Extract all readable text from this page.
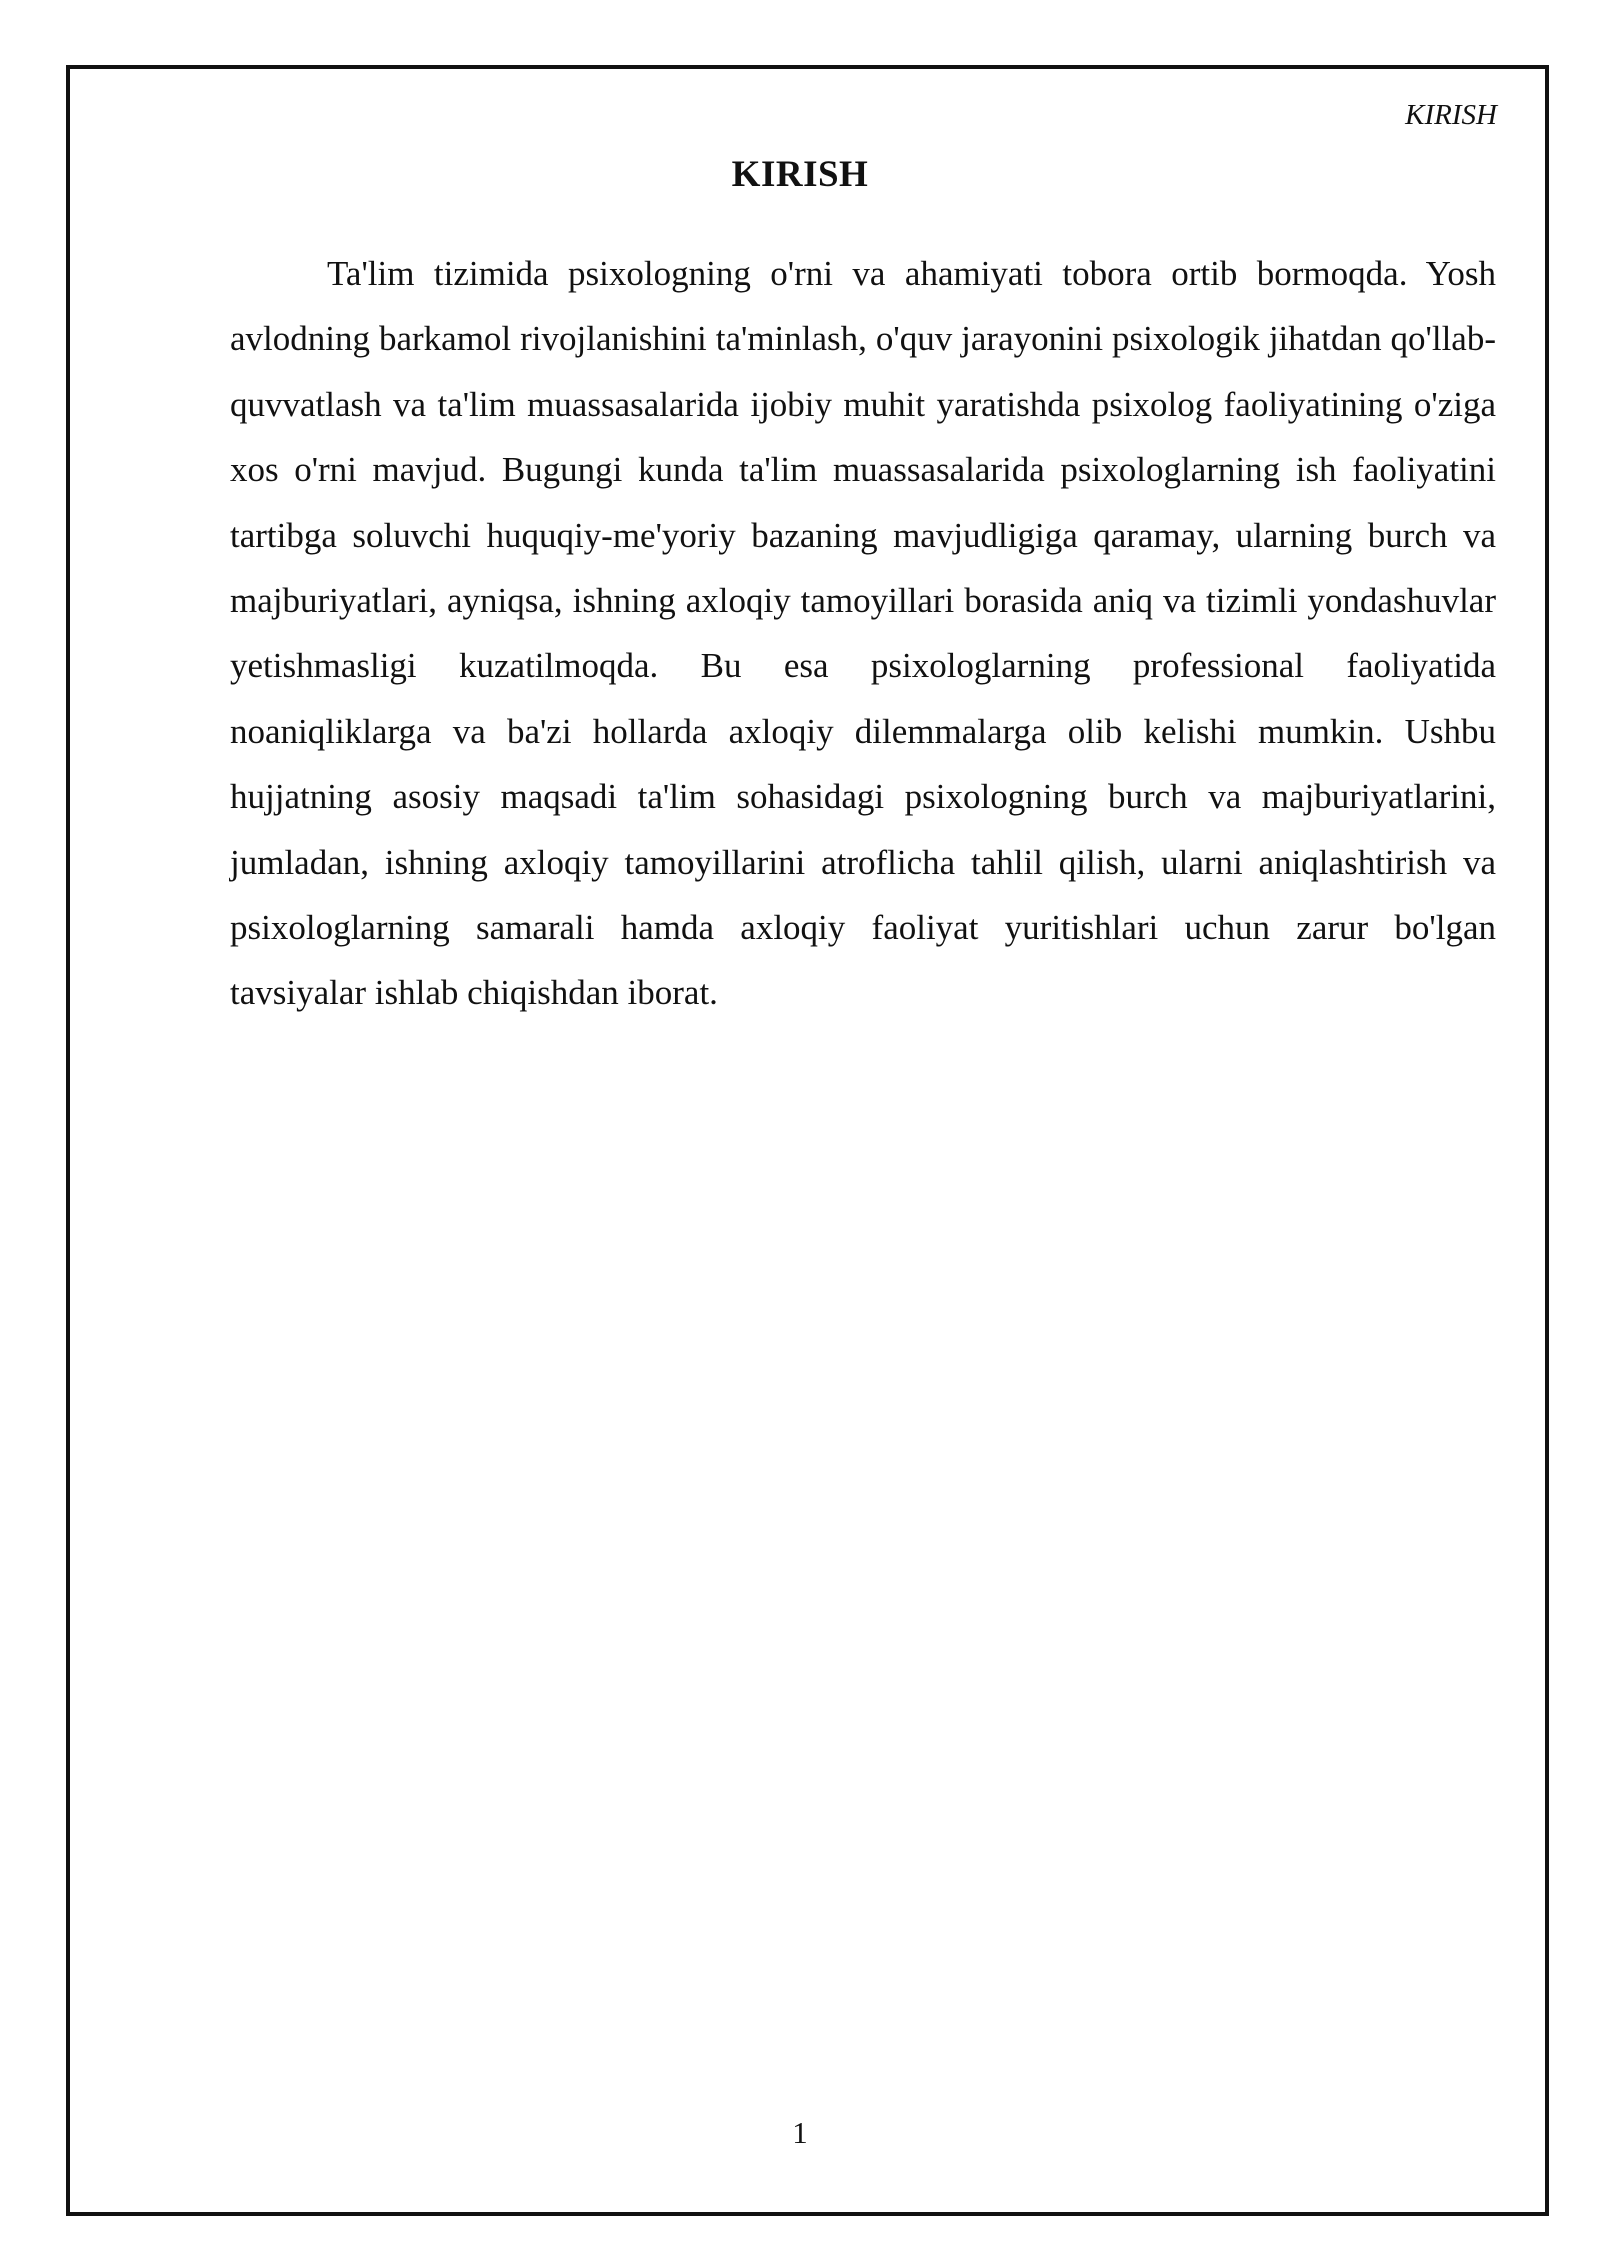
KIRISH
KIRISH

Ta'lim tizimida psixologning o'rni va ahamiyati tobora ortib bormoqda. Yosh avlodning barkamol rivojlanishini ta'minlash, o'quv jarayonini psixologik jihatdan qo'llab-quvvatlash va ta'lim muassasalarida ijobiy muhit yaratishda psixolog faoliyatining o'ziga xos o'rni mavjud. Bugungi kunda ta'lim muassasalarida psixologlarning ish faoliyatini tartibga soluvchi huquqiy-me'yoriy bazaning mavjudligiga qaramay, ularning burch va majburiyatlari, ayniqsa, ishning axloqiy tamoyillari borasida aniq va tizimli yondashuvlar yetishmasligi kuzatilmoqda. Bu esa psixologlarning professional faoliyatida noaniqliklarga va ba'zi hollarda axloqiy dilemmalarga olib kelishi mumkin. Ushbu hujjatning asosiy maqsadi ta'lim sohasidagi psixologning burch va majburiyatlarini, jumladan, ishning axloqiy tamoyillarini atroflicha tahlil qilish, ularni aniqlashtirish va psixologlarning samarali hamda axloqiy faoliyat yuritishlari uchun zarur bo'lgan tavsiyalar ishlab chiqishdan iborat.

1
